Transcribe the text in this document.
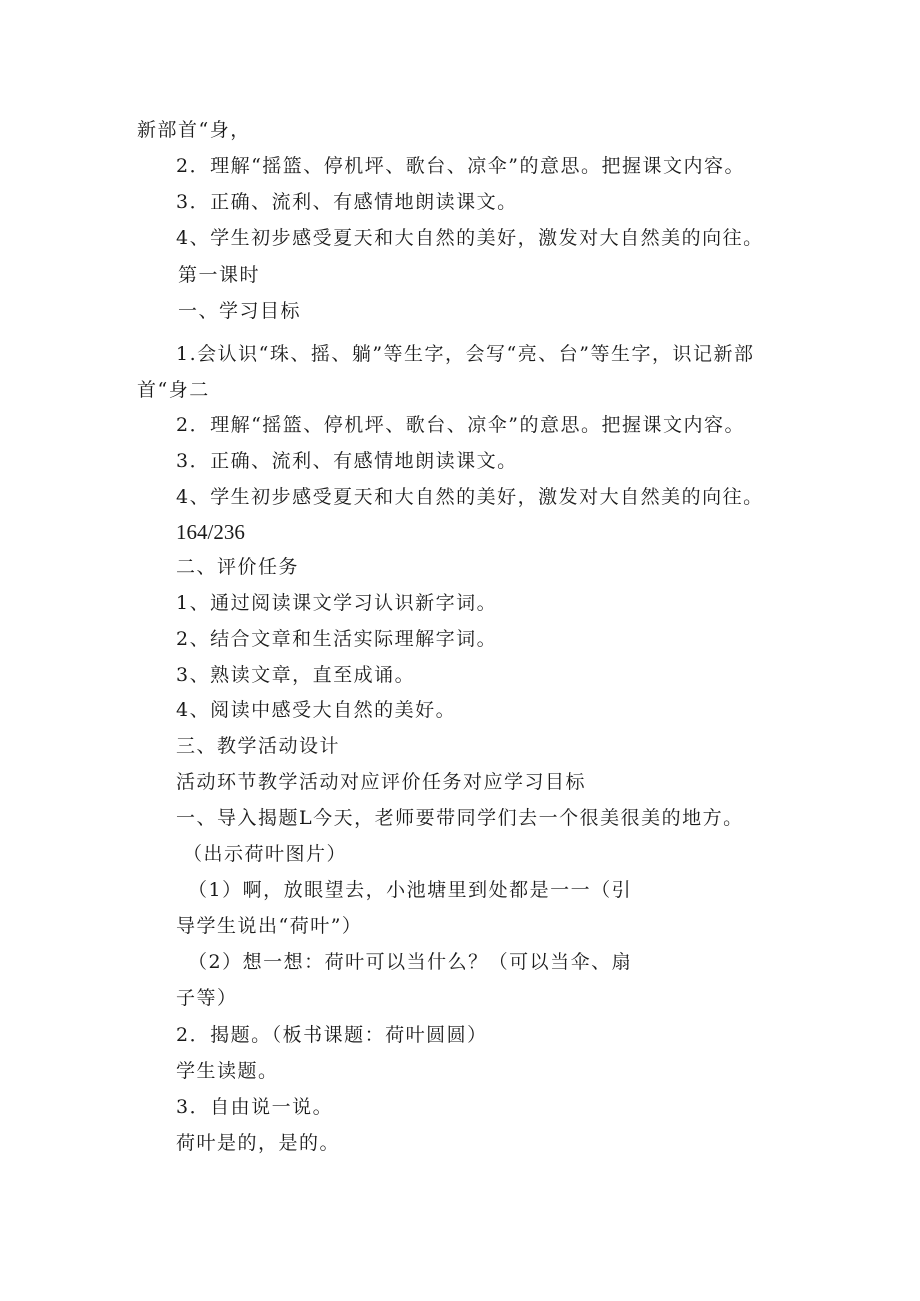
新部首“身，
2．理解“摇篮、停机坪、歌台、凉伞”的意思。把握课文内容。
3．正确、流利、有感情地朗读课文。
4、学生初步感受夏天和大自然的美好，激发对大自然美的向往。
第一课时
一、学习目标
1.会认识“珠、摇、躺”等生字，会写“亮、台”等生字，识记新部
首“身二
2．理解“摇篮、停机坪、歌台、凉伞”的意思。把握课文内容。
3．正确、流利、有感情地朗读课文。
4、学生初步感受夏天和大自然的美好，激发对大自然美的向往。
164/236
二、评价任务
1、通过阅读课文学习认识新字词。
2、结合文章和生活实际理解字词。
3、熟读文章，直至成诵。
4、阅读中感受大自然的美好。
三、教学活动设计
活动环节教学活动对应评价任务对应学习目标
一、导入揭题L今天，老师要带同学们去一个很美很美的地方。
（出示荷叶图片）
（1）啊，放眼望去，小池塘里到处都是一一（引
导学生说出“荷叶”）
（2）想一想：荷叶可以当什么？（可以当伞、扇
子等）
2．揭题。（板书课题：荷叶圆圆）
学生读题。
3．自由说一说。
荷叶是的，是的。
